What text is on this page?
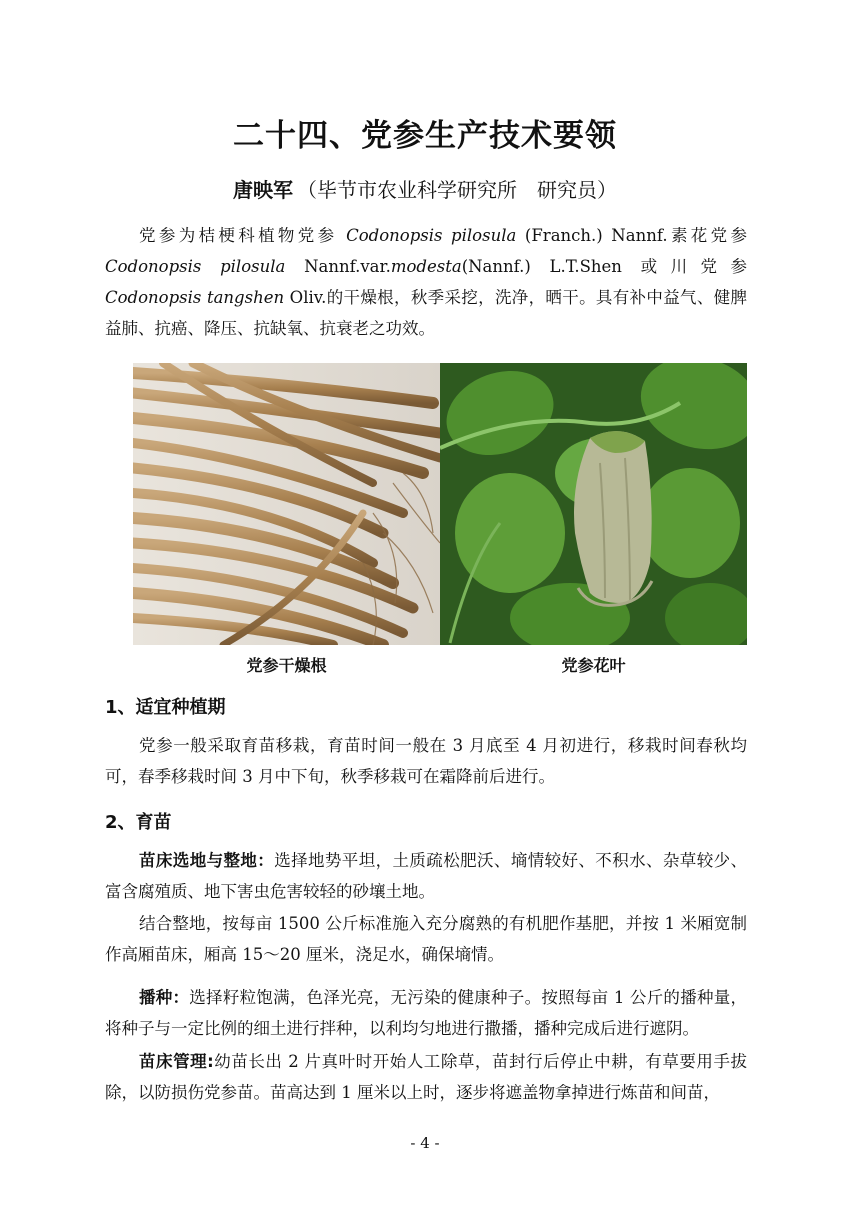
二十四、党参生产技术要领
唐映军 （毕节市农业科学研究所　研究员）

党参为桔梗科植物党参 Codonopsis pilosula (Franch.) Nannf.素花党参 Codonopsis pilosula Nannf.var.modesta(Nannf.) L.T.Shen 或川党参 Codonopsis tangshen Oliv.的干燥根，秋季采挖，洗净，晒干。具有补中益气、健脾益肺、抗癌、降压、抗缺氧、抗衰老之功效。

党参干燥根	党参花叶
1、适宜种植期

党参一般采取育苗移栽，育苗时间一般在 3 月底至 4 月初进行，移栽时间春秋均可，春季移栽时间 3 月中下旬，秋季移栽可在霜降前后进行。

2、育苗

苗床选地与整地：选择地势平坦，土质疏松肥沃、墒情较好、不积水、杂草较少、富含腐殖质、地下害虫危害较轻的砂壤土地。

结合整地，按每亩 1500 公斤标准施入充分腐熟的有机肥作基肥，并按 1 米厢宽制作高厢苗床，厢高 15～20 厘米，浇足水，确保墒情。

播种：选择籽粒饱满，色泽光亮，无污染的健康种子。按照每亩 1 公斤的播种量，将种子与一定比例的细土进行拌种，以利均匀地进行撒播，播种完成后进行遮阴。

苗床管理:幼苗长出 2 片真叶时开始人工除草，苗封行后停止中耕，有草要用手拔除，以防损伤党参苗。苗高达到 1 厘米以上时，逐步将遮盖物拿掉进行炼苗和间苗，

- 4 -
